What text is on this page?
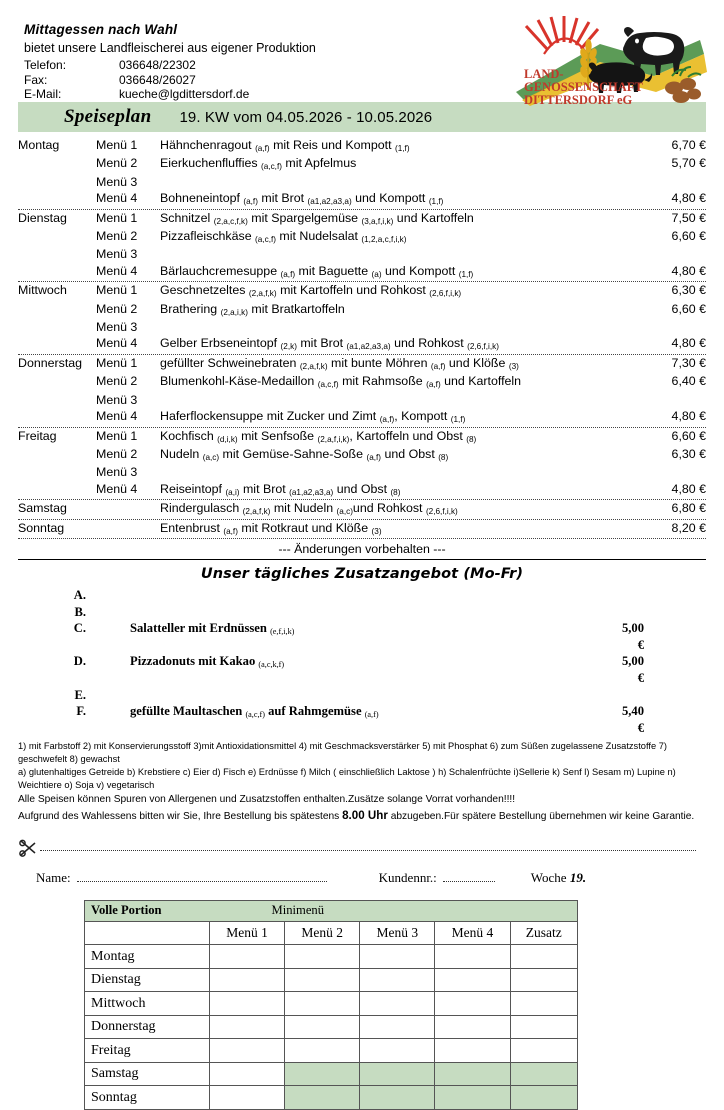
Mittagessen nach Wahl
bietet unsere Landfleischerei aus eigener Produktion
Telefon:	036648/22302
Fax:	036648/26027
E-Mail:	kueche@lgdittersdorf.de
LAND-
GENOSSENSCHAFT
DITTERSDORF eG
Speiseplan 19. KW vom 04.05.2026 - 10.05.2026
Montag	Menü 1	Hähnchenragout $_{(a,f)}$ mit Reis und Kompott $_{(1,f)}$	6,70 €
Menü 2	Eierkuchenfluffies $_{(a,c,f)}$ mit Apfelmus	5,70 €
Menü 3
Menü 4	Bohneneintopf $_{(a,f)}$ mit Brot $_{(a1,a2,a3,a)}$ und Kompott $_{(1,f)}$	4,80 €
Dienstag	Menü 1	Schnitzel $_{(2,a,c,f,k)}$ mit Spargelgemüse $_{(3,a,f,i,k)}$ und Kartoffeln	7,50 €
Menü 2	Pizzafleischkäse $_{(a,c,f)}$ mit Nudelsalat $_{(1,2,a,c,f,i,k)}$	6,60 €
Menü 3
Menü 4	Bärlauchcremesuppe $_{(a,f)}$ mit Baguette $_{(a)}$ und Kompott $_{(1,f)}$	4,80 €
Mittwoch	Menü 1	Geschnetzeltes $_{(2,a,f,k)}$ mit Kartoffeln und Rohkost $_{(2,6,f,i,k)}$	6,30 €
Menü 2	Brathering $_{(2,a,i,k)}$ mit Bratkartoffeln	6,60 €
Menü 3
Menü 4	Gelber Erbseneintopf $_{(2,k)}$ mit Brot $_{(a1,a2,a3,a)}$ und Rohkost $_{(2,6,f,i,k)}$	4,80 €
Donnerstag	Menü 1	gefüllter Schweinebraten $_{(2,a,f,k)}$ mit bunte Möhren $_{(a,f)}$ und Klöße $_{(3)}$	7,30 €
Menü 2	Blumenkohl-Käse-Medaillon $_{(a,c,f)}$ mit Rahmsoße $_{(a,f)}$ und Kartoffeln	6,40 €
Menü 3
Menü 4	Haferflockensuppe mit Zucker und Zimt $_{(a,f)}$, Kompott $_{(1,f)}$	4,80 €
Freitag	Menü 1	Kochfisch $_{(d,i,k)}$ mit Senfsoße $_{(2,a,f,i,k)}$, Kartoffeln und Obst $_{(8)}$	6,60 €
Menü 2	Nudeln $_{(a,c)}$ mit Gemüse-Sahne-Soße $_{(a,f)}$ und Obst $_{(8)}$	6,30 €
Menü 3
Menü 4	Reiseintopf $_{(a,i)}$ mit Brot $_{(a1,a2,a3,a)}$ und Obst $_{(8)}$	4,80 €
Samstag	Rindergulasch $_{(2,a,f,k)}$ mit Nudeln $_{(a,c)}$und Rohkost $_{(2,6,f,i,k)}$	6,80 €
Sonntag	Entenbrust $_{(a,f)}$ mit Rotkraut und Klöße $_{(3)}$	8,20 €
--- Änderungen vorbehalten ---
Unser tägliches Zusatzangebot (Mo-Fr)
A.
B.
C.	Salatteller mit Erdnüssen $_{(e,f,i,k)}$	5,00 €
D.	Pizzadonuts mit Kakao $_{(a,c,k,f)}$	5,00 €
E.
F.	gefüllte Maultaschen $_{(a,c,f)}$ auf Rahmgemüse $_{(a,f)}$	5,40 €
1) mit Farbstoff 2) mit Konservierungsstoff 3)mit Antioxidationsmittel 4) mit Geschmacksverstärker 5) mit Phosphat 6) zum Süßen zugelassene Zusatzstoffe 7) geschwefelt 8) gewachst
a) glutenhaltiges Getreide b) Krebstiere c) Eier d) Fisch e) Erdnüsse f) Milch ( einschließlich Laktose ) h) Schalenfrüchte i)Sellerie k) Senf l) Sesam m) Lupine n) Weichtiere o) Soja v) vegetarisch
Alle Speisen können Spuren von Allergenen und Zusatzstoffen enthalten.Zusätze solange Vorrat vorhanden!!!!
Aufgrund des Wahlessens bitten wir Sie, Ihre Bestellung bis spätestens 8.00 Uhr abzugeben.Für spätere Bestellung übernehmen wir keine Garantie.
Name:	Kundennr.:	Woche 19.
Volle Portion Minimenü					
	Menü 1	Menü 2	Menü 3	Menü 4	Zusatz
Montag					
Dienstag					
Mittwoch					
Donnerstag					
Freitag					
Samstag					
Sonntag					
